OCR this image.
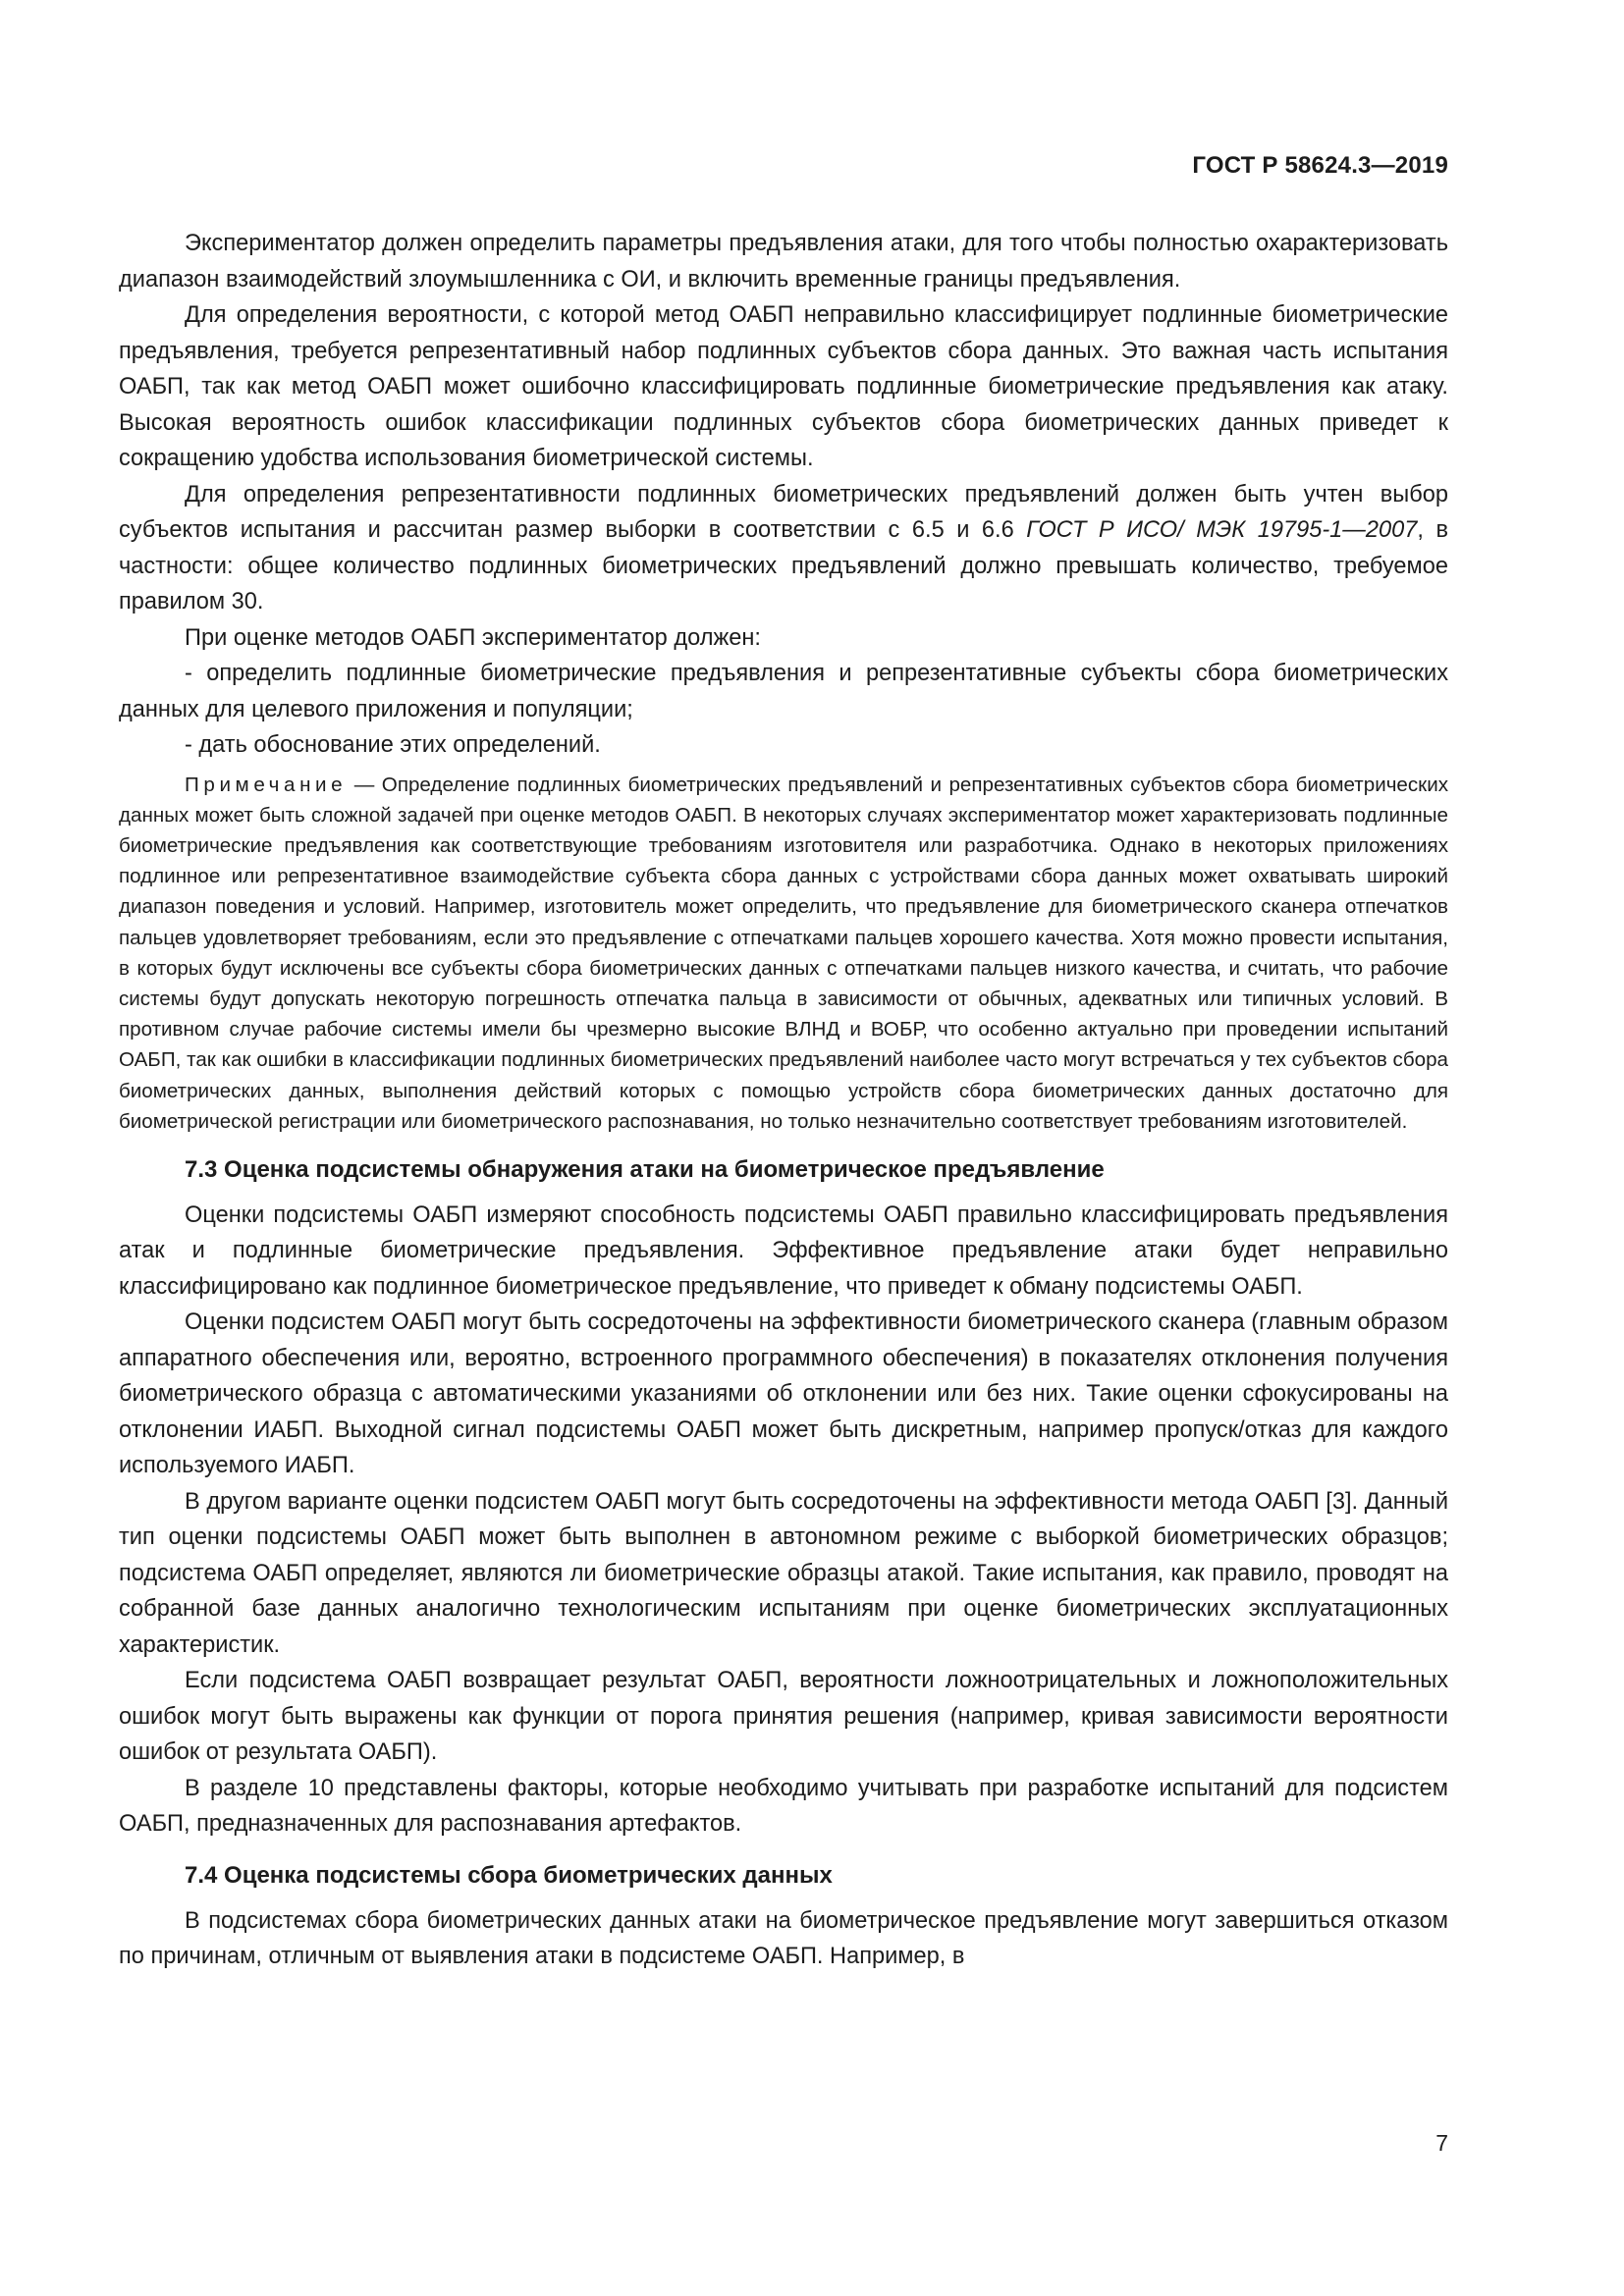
ГОСТ Р 58624.3—2019

Экспериментатор должен определить параметры предъявления атаки, для того чтобы полностью охарактеризовать диапазон взаимодействий злоумышленника с ОИ, и включить временные границы предъявления.

Для определения вероятности, с которой метод ОАБП неправильно классифицирует подлинные биометрические предъявления, требуется репрезентативный набор подлинных субъектов сбора данных. Это важная часть испытания ОАБП, так как метод ОАБП может ошибочно классифицировать подлинные биометрические предъявления как атаку. Высокая вероятность ошибок классификации подлинных субъектов сбора биометрических данных приведет к сокращению удобства использования биометрической системы.

Для определения репрезентативности подлинных биометрических предъявлений должен быть учтен выбор субъектов испытания и рассчитан размер выборки в соответствии с 6.5 и 6.6 ГОСТ Р ИСО/ МЭК 19795-1—2007, в частности: общее количество подлинных биометрических предъявлений должно превышать количество, требуемое правилом 30.

При оценке методов ОАБП экспериментатор должен:

- определить подлинные биометрические предъявления и репрезентативные субъекты сбора биометрических данных для целевого приложения и популяции;

- дать обоснование этих определений.

Примечание — Определение подлинных биометрических предъявлений и репрезентативных субъектов сбора биометрических данных может быть сложной задачей при оценке методов ОАБП. В некоторых случаях экспериментатор может характеризовать подлинные биометрические предъявления как соответствующие требованиям изготовителя или разработчика. Однако в некоторых приложениях подлинное или репрезентативное взаимодействие субъекта сбора данных с устройствами сбора данных может охватывать широкий диапазон поведения и условий. Например, изготовитель может определить, что предъявление для биометрического сканера отпечатков пальцев удовлетворяет требованиям, если это предъявление с отпечатками пальцев хорошего качества. Хотя можно провести испытания, в которых будут исключены все субъекты сбора биометрических данных с отпечатками пальцев низкого качества, и считать, что рабочие системы будут допускать некоторую погрешность отпечатка пальца в зависимости от обычных, адекватных или типичных условий. В противном случае рабочие системы имели бы чрезмерно высокие ВЛНД и ВОБР, что особенно актуально при проведении испытаний ОАБП, так как ошибки в классификации подлинных биометрических предъявлений наиболее часто могут встречаться у тех субъектов сбора биометрических данных, выполнения действий которых с помощью устройств сбора биометрических данных достаточно для биометрической регистрации или биометрического распознавания, но только незначительно соответствует требованиям изготовителей.

7.3 Оценка подсистемы обнаружения атаки на биометрическое предъявление

Оценки подсистемы ОАБП измеряют способность подсистемы ОАБП правильно классифицировать предъявления атак и подлинные биометрические предъявления. Эффективное предъявление атаки будет неправильно классифицировано как подлинное биометрическое предъявление, что приведет к обману подсистемы ОАБП.

Оценки подсистем ОАБП могут быть сосредоточены на эффективности биометрического сканера (главным образом аппаратного обеспечения или, вероятно, встроенного программного обеспечения) в показателях отклонения получения биометрического образца с автоматическими указаниями об отклонении или без них. Такие оценки сфокусированы на отклонении ИАБП. Выходной сигнал подсистемы ОАБП может быть дискретным, например пропуск/отказ для каждого используемого ИАБП.

В другом варианте оценки подсистем ОАБП могут быть сосредоточены на эффективности метода ОАБП [3]. Данный тип оценки подсистемы ОАБП может быть выполнен в автономном режиме с выборкой биометрических образцов; подсистема ОАБП определяет, являются ли биометрические образцы атакой. Такие испытания, как правило, проводят на собранной базе данных аналогично технологическим испытаниям при оценке биометрических эксплуатационных характеристик.

Если подсистема ОАБП возвращает результат ОАБП, вероятности ложноотрицательных и ложноположительных ошибок могут быть выражены как функции от порога принятия решения (например, кривая зависимости вероятности ошибок от результата ОАБП).

В разделе 10 представлены факторы, которые необходимо учитывать при разработке испытаний для подсистем ОАБП, предназначенных для распознавания артефактов.

7.4 Оценка подсистемы сбора биометрических данных

В подсистемах сбора биометрических данных атаки на биометрическое предъявление могут завершиться отказом по причинам, отличным от выявления атаки в подсистеме ОАБП. Например, в

7
